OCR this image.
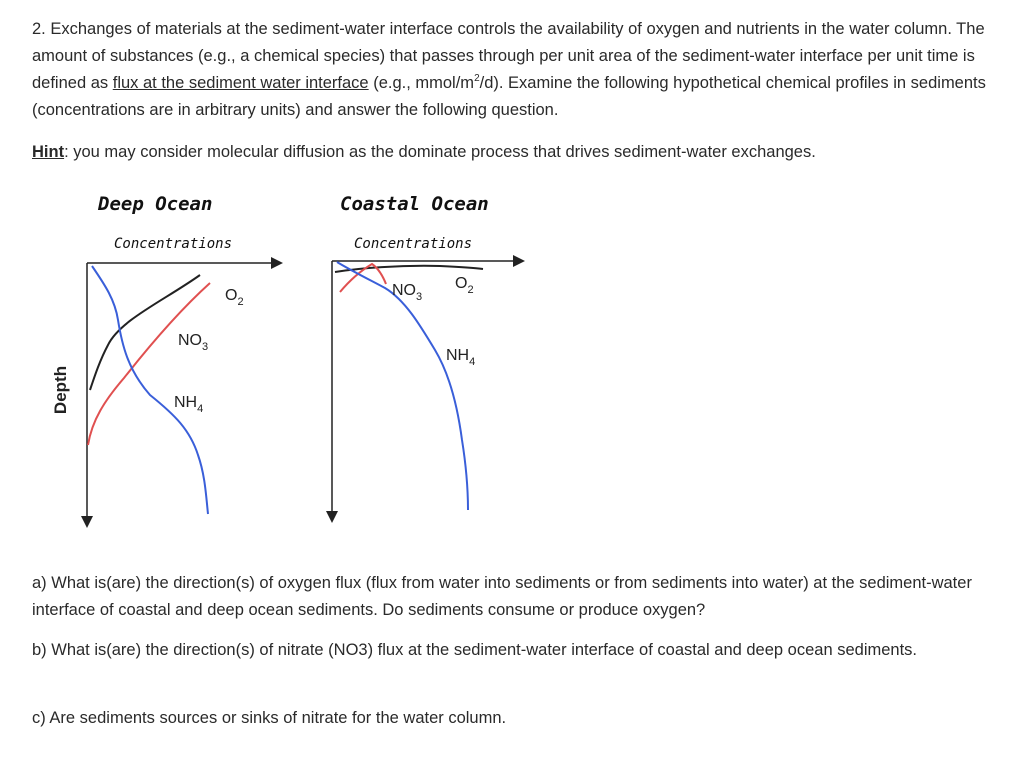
2. Exchanges of materials at the sediment-water interface controls the availability of oxygen and nutrients in the water column. The amount of substances (e.g., a chemical species) that passes through per unit area of the sediment-water interface per unit time is defined as flux at the sediment water interface (e.g., mmol/$m^2/d$). Examine the following hypothetical chemical profiles in sediments (concentrations are in arbitrary units) and answer the following question.

Hint: you may consider molecular diffusion as the dominate process that drives sediment-water exchanges.

Depth
Deep Ocean
Concentrations
$O_2$
$NO_3$
$NH_4$
Coastal Ocean
Concentrations
$NO_3$
$O_2$
$NH_4$

a) What is(are) the direction(s) of oxygen flux (flux from water into sediments or from sediments into water) at the sediment-water interface of coastal and deep ocean sediments. Do sediments consume or produce oxygen?

b) What is(are) the direction(s) of nitrate (NO3) flux at the sediment-water interface of coastal and deep ocean sediments.

c) Are sediments sources or sinks of nitrate for the water column.
